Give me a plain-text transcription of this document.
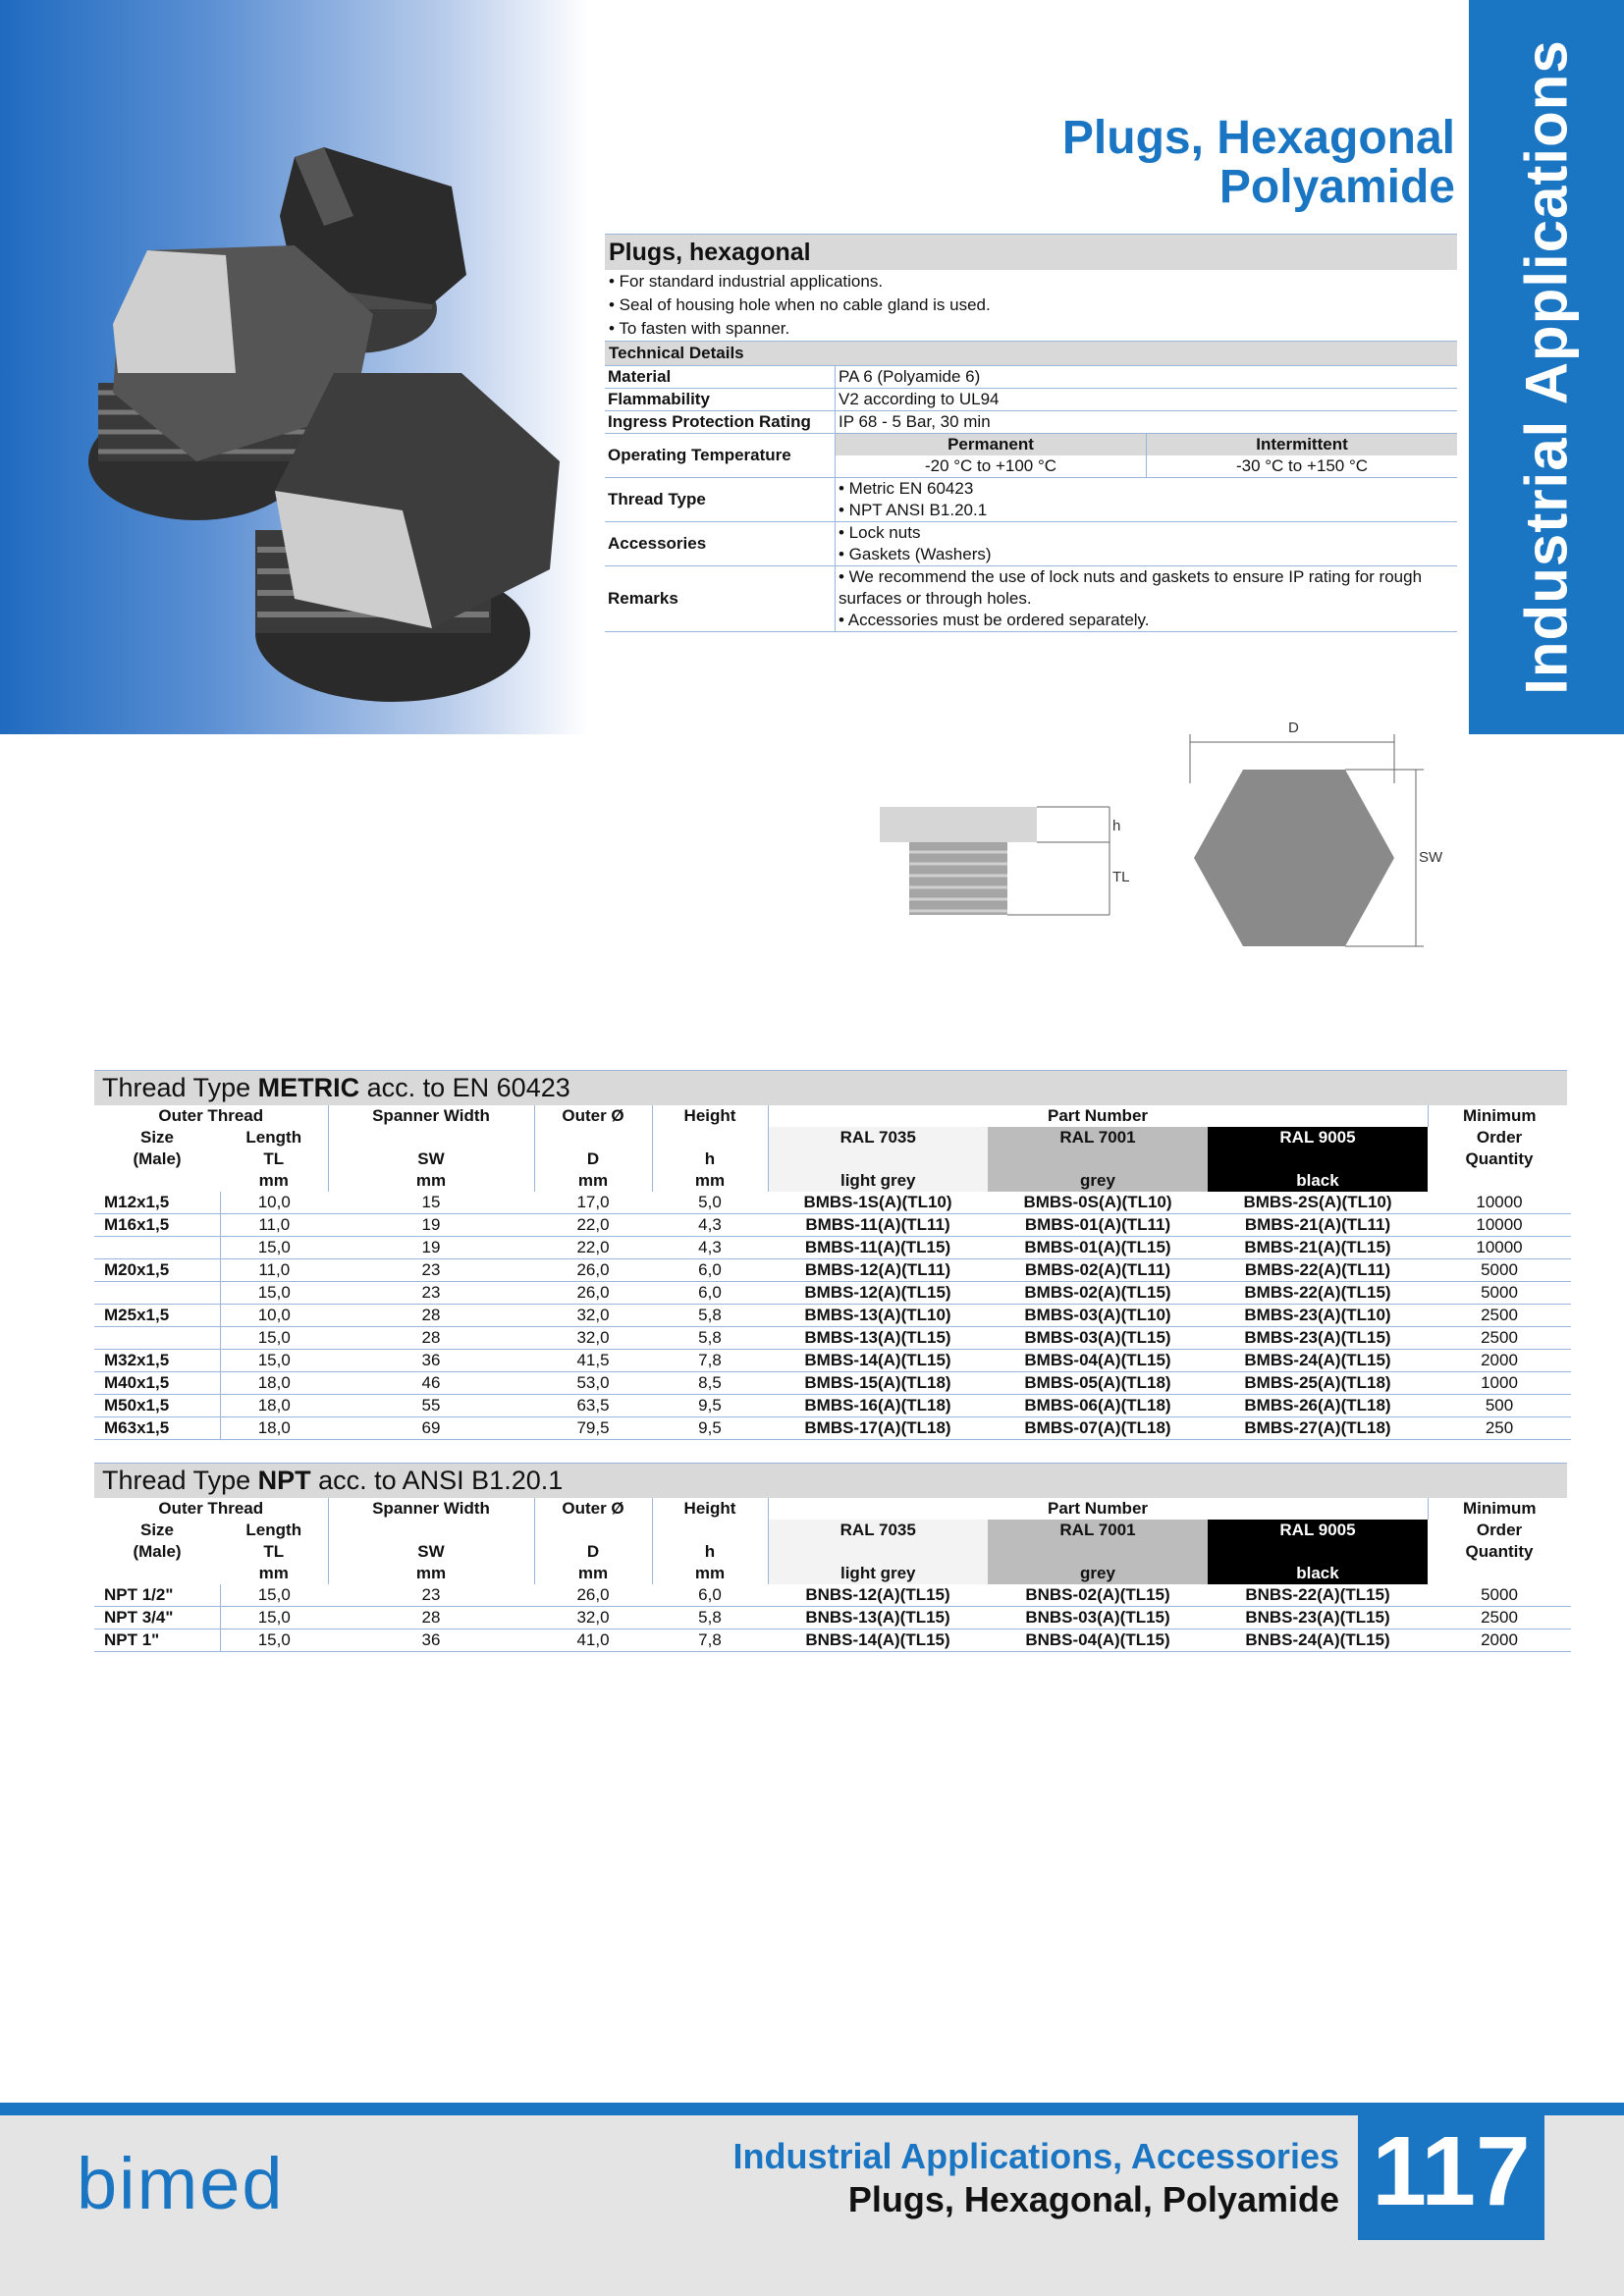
Industrial Applications
Plugs, Hexagonal
Polyamide
Plugs, hexagonal
• For standard industrial applications.
• Seal of housing hole when no cable gland is used.
• To fasten with spanner.
Technical Details
Material	PA 6 (Polyamide 6)
Flammability	V2 according to UL94
Ingress Protection Rating	IP 68 - 5 Bar, 30 min
Operating Temperature	
Permanent	Intermittent
-20 °C to +100 °C	-30 °C to +150 °C

Thread Type	
• Metric EN 60423
• NPT ANSI B1.20.1

Accessories	
• Lock nuts
• Gaskets (Washers)

Remarks	
• We recommend the use of lock nuts and gaskets to ensure IP rating for rough surfaces or through holes.
• Accessories must be ordered separately.
h
TL
D
SW
Thread Type METRIC acc. to EN 60423
Outer Thread		Spanner Width	Outer Ø	Height	Part Number			Minimum
Size	Length				RAL 7035	RAL 7001	RAL 9005	Order
(Male)	TL	SW	D	h				Quantity
	mm	mm	mm	mm	light grey	grey	black	
M12x1,5	10,0	15	17,0	5,0	BMBS-1S(A)(TL10)	BMBS-0S(A)(TL10)	BMBS-2S(A)(TL10)	10000
M16x1,5	11,0	19	22,0	4,3	BMBS-11(A)(TL11)	BMBS-01(A)(TL11)	BMBS-21(A)(TL11)	10000
	15,0	19	22,0	4,3	BMBS-11(A)(TL15)	BMBS-01(A)(TL15)	BMBS-21(A)(TL15)	10000
M20x1,5	11,0	23	26,0	6,0	BMBS-12(A)(TL11)	BMBS-02(A)(TL11)	BMBS-22(A)(TL11)	5000
	15,0	23	26,0	6,0	BMBS-12(A)(TL15)	BMBS-02(A)(TL15)	BMBS-22(A)(TL15)	5000
M25x1,5	10,0	28	32,0	5,8	BMBS-13(A)(TL10)	BMBS-03(A)(TL10)	BMBS-23(A)(TL10)	2500
	15,0	28	32,0	5,8	BMBS-13(A)(TL15)	BMBS-03(A)(TL15)	BMBS-23(A)(TL15)	2500
M32x1,5	15,0	36	41,5	7,8	BMBS-14(A)(TL15)	BMBS-04(A)(TL15)	BMBS-24(A)(TL15)	2000
M40x1,5	18,0	46	53,0	8,5	BMBS-15(A)(TL18)	BMBS-05(A)(TL18)	BMBS-25(A)(TL18)	1000
M50x1,5	18,0	55	63,5	9,5	BMBS-16(A)(TL18)	BMBS-06(A)(TL18)	BMBS-26(A)(TL18)	500
M63x1,5	18,0	69	79,5	9,5	BMBS-17(A)(TL18)	BMBS-07(A)(TL18)	BMBS-27(A)(TL18)	250
Thread Type NPT acc. to ANSI B1.20.1
Outer Thread		Spanner Width	Outer Ø	Height	Part Number			Minimum
Size	Length				RAL 7035	RAL 7001	RAL 9005	Order
(Male)	TL	SW	D	h				Quantity
	mm	mm	mm	mm	light grey	grey	black	
NPT 1/2"	15,0	23	26,0	6,0	BNBS-12(A)(TL15)	BNBS-02(A)(TL15)	BNBS-22(A)(TL15)	5000
NPT 3/4"	15,0	28	32,0	5,8	BNBS-13(A)(TL15)	BNBS-03(A)(TL15)	BNBS-23(A)(TL15)	2500
NPT 1"	15,0	36	41,0	7,8	BNBS-14(A)(TL15)	BNBS-04(A)(TL15)	BNBS-24(A)(TL15)	2000
bimed	Industrial Applications, Accessories
Plugs, Hexagonal, Polyamide 117
